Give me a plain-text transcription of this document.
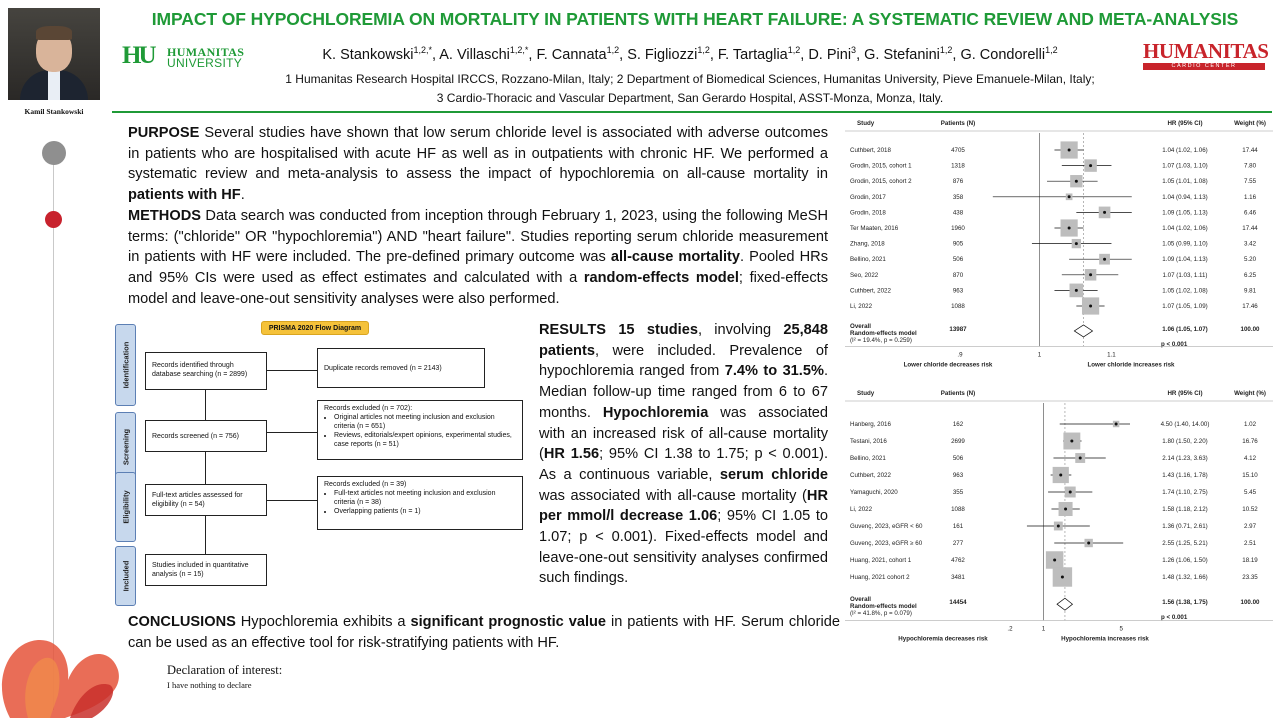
IMPACT OF HYPOCHLOREMIA ON MORTALITY IN PATIENTS WITH HEART FAILURE: A SYSTEMATIC REVIEW AND META-ANALYSIS
Kamil Stankowski
HU HUMANITAS
UNIVERSITY	HUMANITAS
CARDIO CENTER
K. Stankowski$^{1,2,*}$, A. Villaschi$^{1,2,*}$, F. Cannata$^{1,2}$, S. Figliozzi$^{1,2}$, F. Tartaglia$^{1,2}$, D. Pini$^3$, G. Stefanini$^{1,2}$, G. Condorelli$^{1,2}$
1 Humanitas Research Hospital IRCCS, Rozzano-Milan, Italy; 2 Department of Biomedical Sciences, Humanitas University, Pieve Emanuele-Milan, Italy;
3 Cardio-Thoracic and Vascular Department, San Gerardo Hospital, ASST-Monza, Monza, Italy.
PURPOSE Several studies have shown that low serum chloride level is associated with adverse outcomes in patients who are hospitalised with acute HF as well as in outpatients with chronic HF. We performed a systematic review and meta-analysis to assess the impact of hypochloremia on all-cause mortality in patients with HF.
METHODS Data search was conducted from inception through February 1, 2023, using the following MeSH terms: ("chloride" OR "hypochloremia") AND "heart failure". Studies reporting serum chloride measurement in patients with HF were included. The pre-defined primary outcome was all-cause mortality. Pooled HRs and 95% CIs were used as effect estimates and calculated with a random-effects model; fixed-effects model and leave-one-out sensitivity analyses were also performed.
RESULTS 15 studies, involving 25,848 patients, were included. Prevalence of hypochloremia ranged from 7.4% to 31.5%. Median follow-up time ranged from 6 to 67 months. Hypochloremia was associated with an increased risk of all-cause mortality (HR 1.56; 95% CI 1.38 to 1.75; p < 0.001). As a continuous variable, serum chloride was associated with all-cause mortality (HR per mmol/l decrease 1.06; 95% CI 1.05 to 1.07; p < 0.001). Fixed-effects model and leave-one-out sensitivity analyses confirmed such findings.
CONCLUSIONS Hypochloremia exhibits a significant prognostic value in patients with HF. Serum chloride can be used as an effective tool for risk-stratifying patients with HF.
Declaration of interest:
I have nothing to declare
PRISMA 2020 Flow Diagram
Identification
Screening
Eligibility
Included
Records identified through database searching (n = 2899)
Duplicate records removed (n = 2143)
Records screened (n = 756)
Records excluded (n = 702):
• Original articles not meeting inclusion and exclusion criteria (n = 651)
• Reviews, editorials/expert opinions, experimental studies, case reports (n = 51)
Full-text articles assessed for eligibility (n = 54)
Records excluded (n = 39)
• Full-text articles not meeting inclusion and exclusion criteria (n = 38)
• Overlapping patients (n = 1)
Studies included in quantitative analysis (n = 15)
Study	Patients (N)	HR (95% CI)	Weight (%)
Cuthbert, 2018	4705	1.04 (1.02, 1.06)	17.44
Grodin, 2015, cohort 1	1318	1.07 (1.03, 1.10)	7.80
Grodin, 2015, cohort 2	876	1.05 (1.01, 1.08)	7.55
Grodin, 2017	358	1.04 (0.94, 1.13)	1.16
Grodin, 2018	438	1.09 (1.05, 1.13)	6.46
Ter Maaten, 2016	1960	1.04 (1.02, 1.06)	17.44
Zhang, 2018	905	1.05 (0.99, 1.10)	3.42
Bellino, 2021	506	1.09 (1.04, 1.13)	5.20
Seo, 2022	870	1.07 (1.03, 1.11)	6.25
Cuthbert, 2022	963	1.05 (1.02, 1.08)	9.81
Li, 2022	1088	1.07 (1.05, 1.09)	17.46
Overall
Random-effects model
(I² = 19.4%, p = 0.259)
13987	1.06 (1.05, 1.07)	100.00
p < 0.001
.9	1	1.1
Lower chloride decreases risk	Lower chloride increases risk
Study	Patients (N)	HR (95% CI)	Weight (%)
Hanberg, 2016	162	4.50 (1.40, 14.00)	1.02
Testani, 2016	2699	1.80 (1.50, 2.20)	16.76
Bellino, 2021	506	2.14 (1.23, 3.63)	4.12
Cuthbert, 2022	963	1.43 (1.16, 1.78)	15.10
Yamaguchi, 2020	355	1.74 (1.10, 2.75)	5.45
Li, 2022	1088	1.58 (1.18, 2.12)	10.52
Guvenç, 2023, eGFR < 60	161	1.36 (0.71, 2.61)	2.97
Guvenç, 2023, eGFR ≥ 60	277	2.55 (1.25, 5.21)	2.51
Huang, 2021, cohort 1	4762	1.26 (1.06, 1.50)	18.19
Huang, 2021 cohort 2	3481	1.48 (1.32, 1.66)	23.35
Overall
Random-effects model
(I² = 41.8%, p = 0.079)
14454	1.56 (1.38, 1.75)	100.00
p < 0.001
.2	1	5
Hypochloremia decreases risk	Hypochloremia increases risk
